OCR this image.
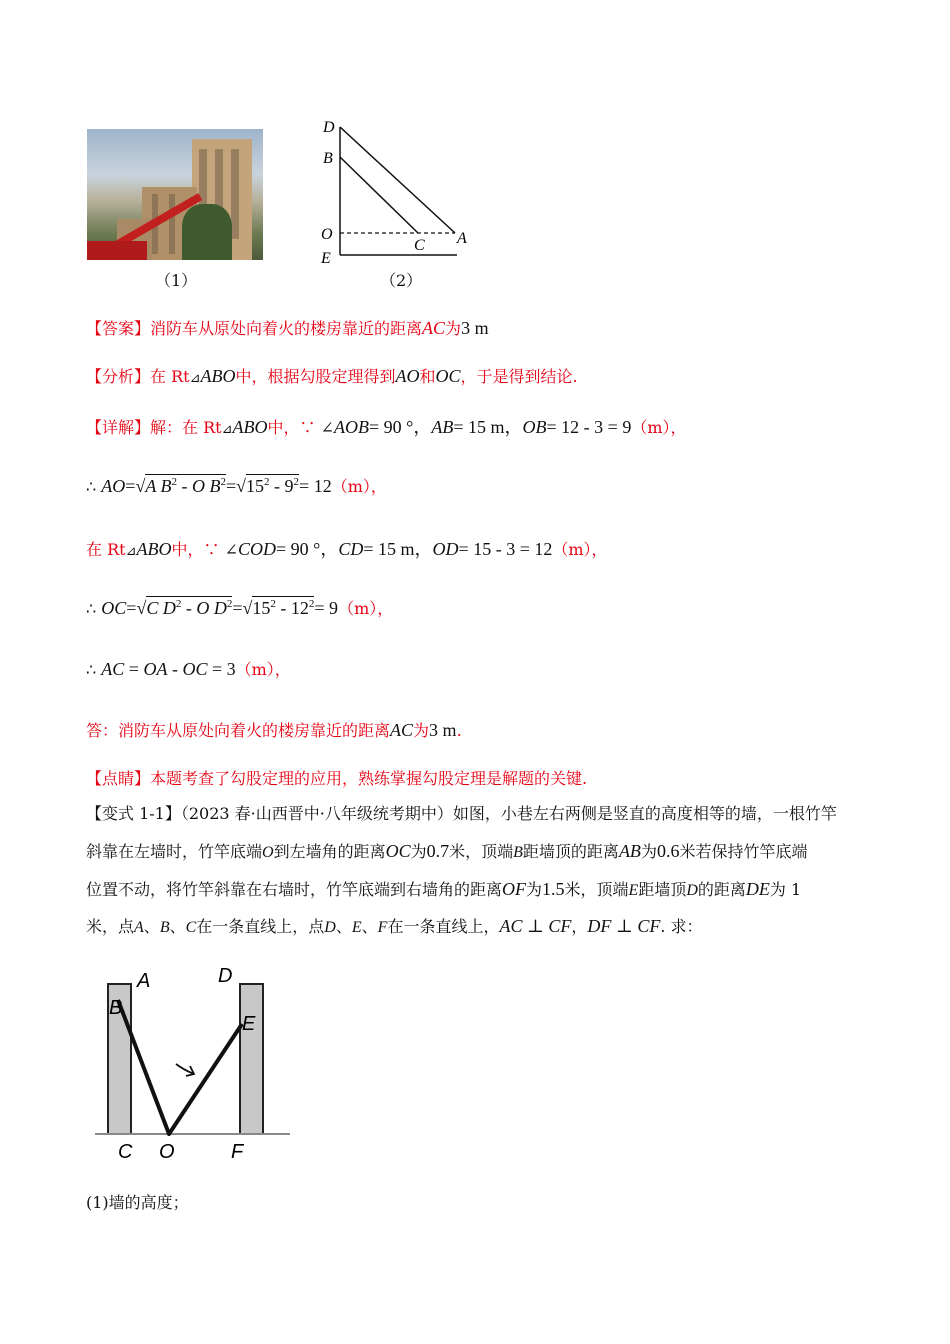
（1）
D
B
O
C A
E
（2）
【答案】消防车从原处向着火的楼房靠近的距离AC为3 m
【分析】在 Rt⊿ABO中，根据勾股定理得到AO和OC，于是得到结论.
【详解】解：在 Rt⊿ABO中，∵ ∠AOB= 90 °，AB= 15 m，OB= 12 - 3 = 9（m），
∴ AO=√A $B^2$ - O $B^2=√15^2 - 9^2= 12(m)$，
在 Rt⊿ABO中，∵ ∠COD= 90 °，CD= 15 m，OD= 15 - 3 = 12（m），
∴ OC=√C $D^2$ - O $D^2=√15^2 - 12^2= 9(m)$，
∴ AC = OA - OC = 3（m），
答：消防车从原处向着火的楼房靠近的距离AC为3 m.
【点睛】本题考查了勾股定理的应用，熟练掌握勾股定理是解题的关键.
【变式 1-1】（2023 春·山西晋中·八年级统考期中）如图，小巷左右两侧是竖直的高度相等的墙，一根竹竿
斜靠在左墙时，竹竿底端O到左墙角的距离OC为0.7米，顶端B距墙顶的距离AB为0.6米若保持竹竿底端
位置不动，将竹竿斜靠在右墙时，竹竿底端到右墙角的距离OF为1.5米，顶端E距墙顶D的距离DE为 1
米，点A、B、C在一条直线上，点D、E、F在一条直线上，AC ⊥ CF，DF ⊥ CF. 求：
A
B
C O
D
E
F
(1)墙的高度；
